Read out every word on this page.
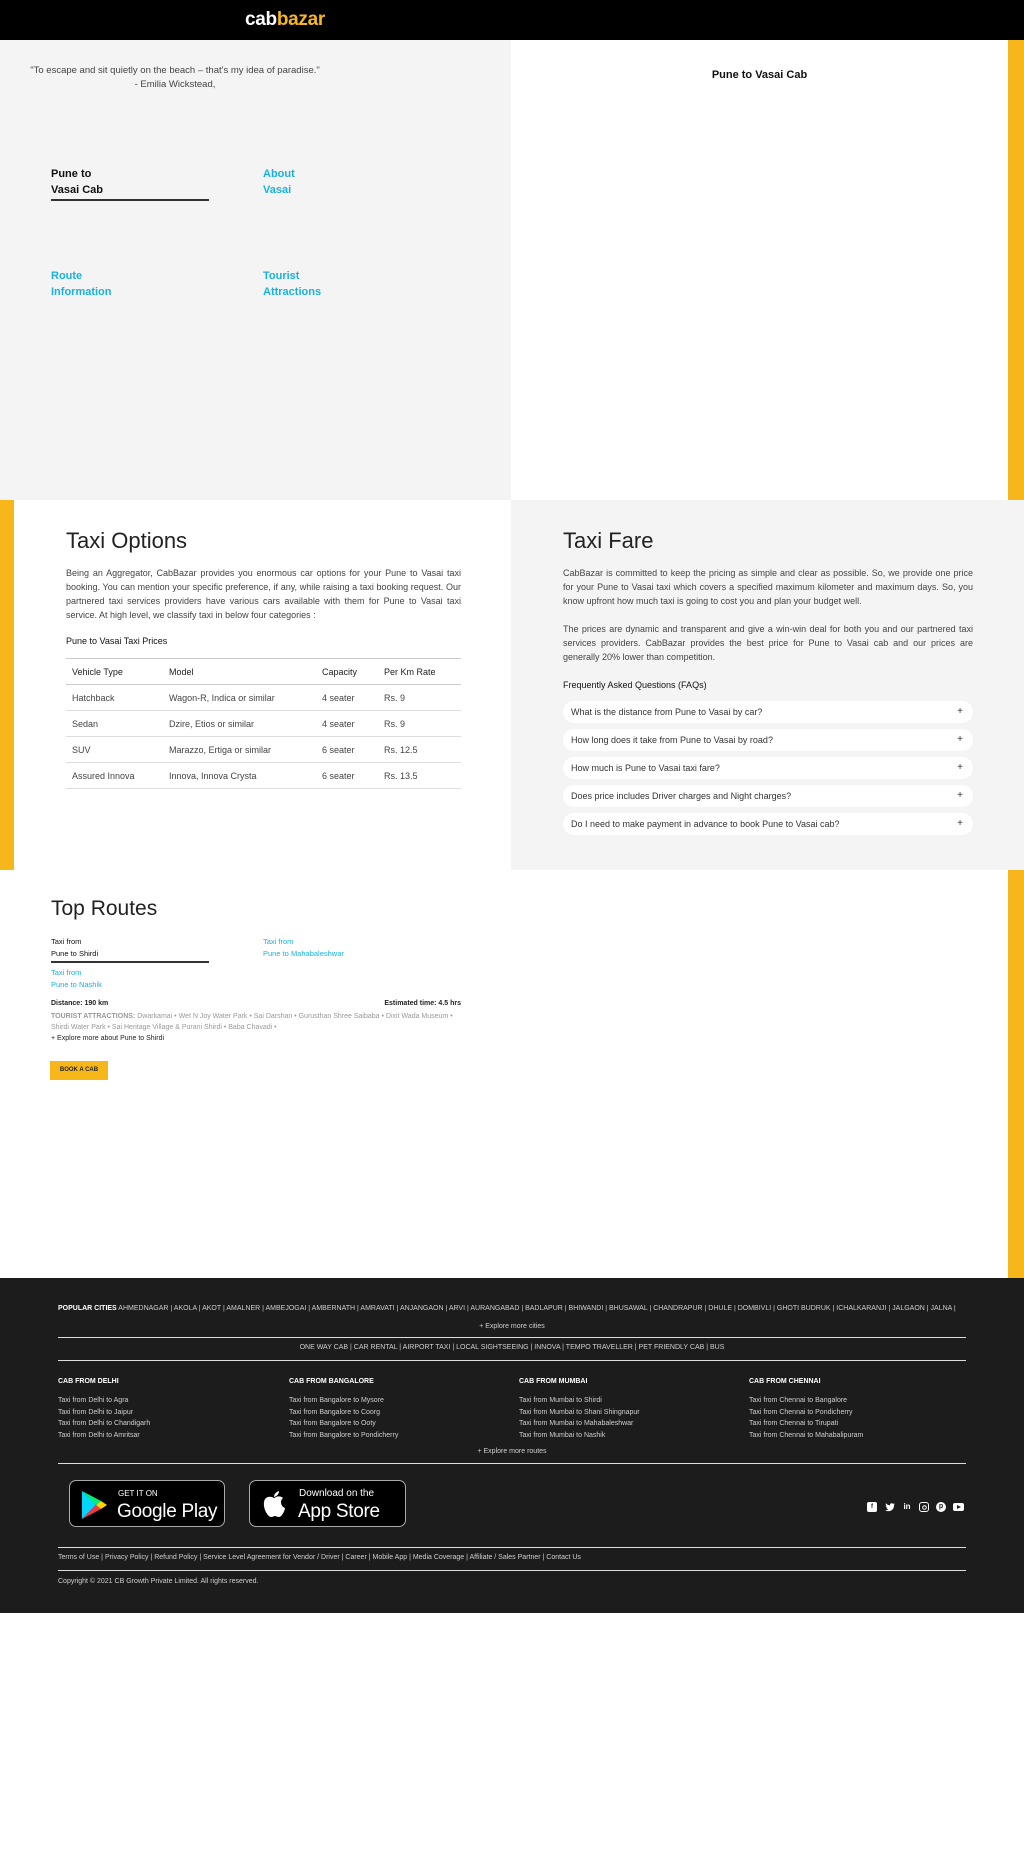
cabbazar
"To escape and sit quietly on the beach – that's my idea of paradise."
- Emilia Wickstead,
Pune to
Vasai Cab
About
Vasai
Route
Information
Tourist
Attractions
Pune to Vasai Cab
Taxi Options
Being an Aggregator, CabBazar provides you enormous car options for your Pune to Vasai taxi booking. You can mention your specific preference, if any, while raising a taxi booking request. Our partnered taxi services providers have various cars available with them for Pune to Vasai taxi service. At high level, we classify taxi in below four categories :
Pune to Vasai Taxi Prices
Vehicle Type	Model	Capacity	Per Km Rate
Hatchback	Wagon-R, Indica or similar	4 seater	Rs. 9
Sedan	Dzire, Etios or similar	4 seater	Rs. 9
SUV	Marazzo, Ertiga or similar	6 seater	Rs. 12.5
Assured Innova	Innova, Innova Crysta	6 seater	Rs. 13.5
Taxi Fare
CabBazar is committed to keep the pricing as simple and clear as possible. So, we provide one price for your Pune to Vasai taxi which covers a specified maximum kilometer and maximum days. So, you know upfront how much taxi is going to cost you and plan your budget well.
The prices are dynamic and transparent and give a win-win deal for both you and our partnered taxi services providers. CabBazar provides the best price for Pune to Vasai cab and our prices are generally 20% lower than competition.
Frequently Asked Questions (FAQs)
What is the distance from Pune to Vasai by car?	+
How long does it take from Pune to Vasai by road?	+
How much is Pune to Vasai taxi fare?	+
Does price includes Driver charges and Night charges?	+
Do I need to make payment in advance to book Pune to Vasai cab?	+
Top Routes
Taxi from
Pune to Shirdi
Taxi from
Pune to Mahabaleshwar
Taxi from
Pune to Nashik
Distance: 190 km	Estimated time: 4.5 hrs
TOURIST ATTRACTIONS: Dwarkamai • Wet N Joy Water Park • Sai Darshan • Gurusthan Shree Saibaba • Dixit Wada Museum • Shirdi Water Park • Sai Heritage Village & Purani Shirdi • Baba Chavadi •
+ Explore more about Pune to Shirdi
BOOK A CAB
POPULAR CITIES AHMEDNAGAR | AKOLA | AKOT | AMALNER | AMBEJOGAI | AMBERNATH | AMRAVATI | ANJANGAON | ARVI | AURANGABAD | BADLAPUR | BHIWANDI | BHUSAWAL | CHANDRAPUR | DHULE | DOMBIVLI | GHOTI BUDRUK | ICHALKARANJI | JALGAON | JALNA |
+ Explore more cities
ONE WAY CAB | CAR RENTAL | AIRPORT TAXI | LOCAL SIGHTSEEING | INNOVA | TEMPO TRAVELLER | PET FRIENDLY CAB | BUS
CAB FROM DELHI
Taxi from Delhi to Agra
Taxi from Delhi to Jaipur
Taxi from Delhi to Chandigarh
Taxi from Delhi to Amritsar
CAB FROM BANGALORE
Taxi from Bangalore to Mysore
Taxi from Bangalore to Coorg
Taxi from Bangalore to Ooty
Taxi from Bangalore to Pondicherry
CAB FROM MUMBAI
Taxi from Mumbai to Shirdi
Taxi from Mumbai to Shani Shingnapur
Taxi from Mumbai to Mahabaleshwar
Taxi from Mumbai to Nashik
CAB FROM CHENNAI
Taxi from Chennai to Bangalore
Taxi from Chennai to Pondicherry
Taxi from Chennai to Tirupati
Taxi from Chennai to Mahabalipuram
+ Explore more routes
GET IT ON
Google Play
Download on the
App Store	f	in	p
Terms of Use | Privacy Policy | Refund Policy | Service Level Agreement for Vendor / Driver | Career | Mobile App | Media Coverage | Affiliate / Sales Partner | Contact Us
Copyright © 2021 CB Growth Private Limited. All rights reserved.
